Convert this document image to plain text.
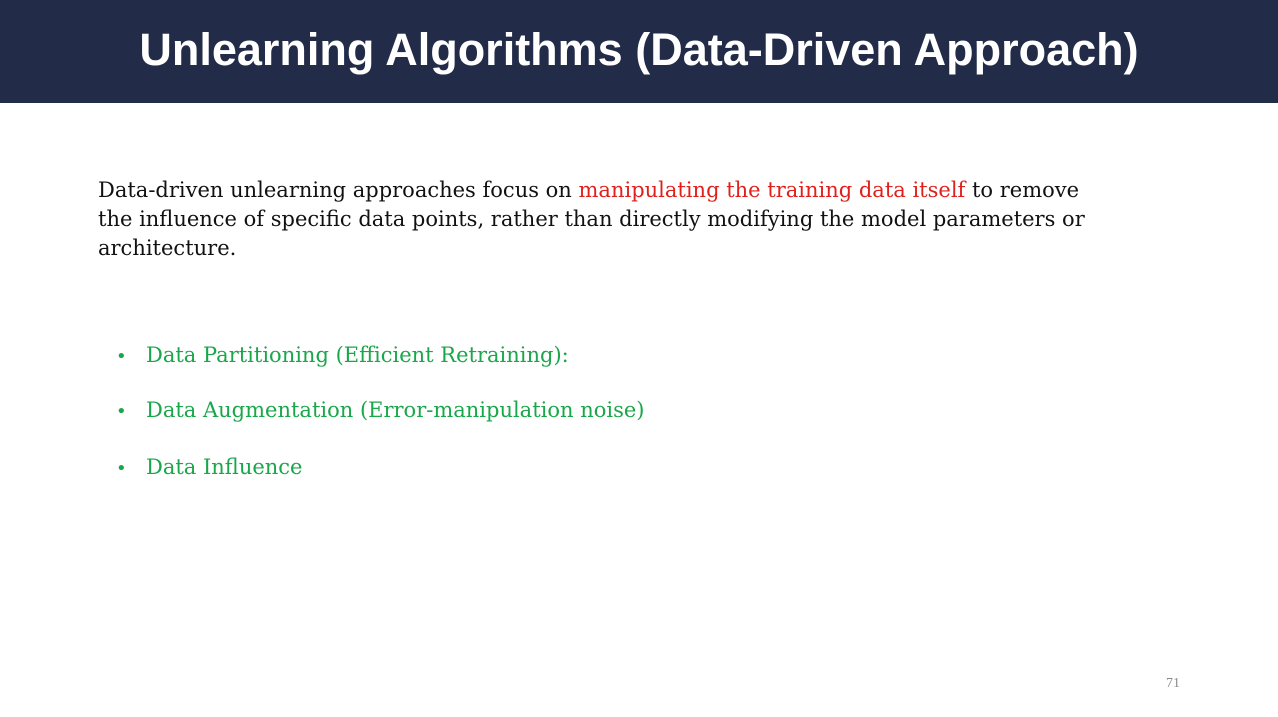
Unlearning Algorithms (Data-Driven Approach)

Data-driven unlearning approaches focus on manipulating the training data itself to remove the influence of specific data points, rather than directly modifying the model parameters or architecture.

• Data Partitioning (Efficient Retraining):
• Data Augmentation (Error-manipulation noise)
• Data Influence
71
